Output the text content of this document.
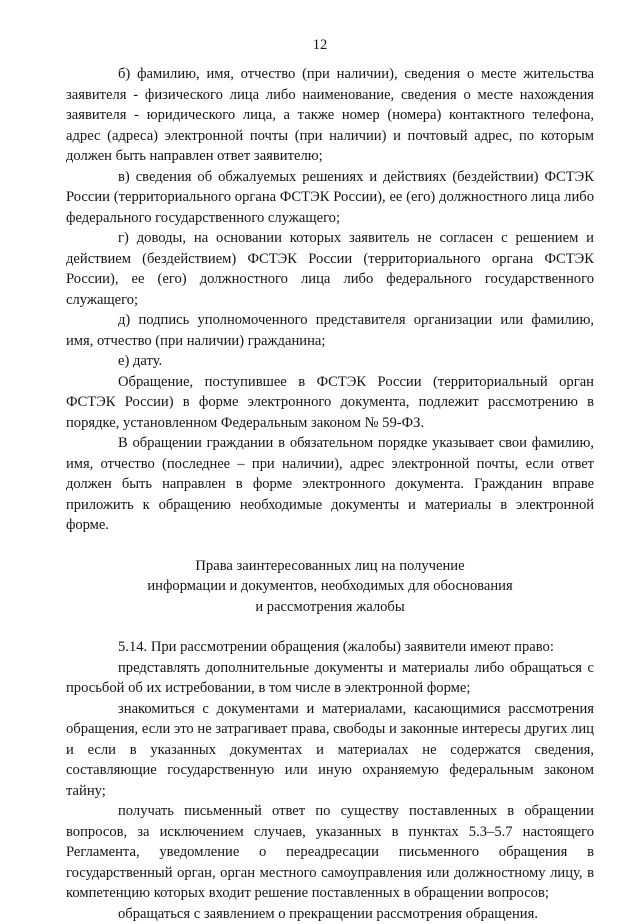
12

б) фамилию, имя, отчество (при наличии), сведения о месте жительства заявителя - физического лица либо наименование, сведения о месте нахождения заявителя - юридического лица, а также номер (номера) контактного телефона, адрес (адреса) электронной почты (при наличии) и почтовый адрес, по которым должен быть направлен ответ заявителю;

в) сведения об обжалуемых решениях и действиях (бездействии) ФСТЭК России (территориального органа ФСТЭК России), ее (его) должностного лица либо федерального государственного служащего;

г) доводы, на основании которых заявитель не согласен с решением и действием (бездействием) ФСТЭК России (территориального органа ФСТЭК России), ее (его) должностного лица либо федерального государственного служащего;

д) подпись уполномоченного представителя организации или фамилию, имя, отчество (при наличии) гражданина;

е) дату.

Обращение, поступившее в ФСТЭК России (территориальный орган ФСТЭК России) в форме электронного документа, подлежит рассмотрению в порядке, установленном Федеральным законом № 59-ФЗ.

В обращении граждании в обязательном порядке указывает свои фамилию, имя, отчество (последнее – при наличии), адрес электронной почты, если ответ должен быть направлен в форме электронного документа. Гражданин вправе приложить к обращению необходимые документы и материалы в электронной форме.

Права заинтересованных лиц на получение
информации и документов, необходимых для обоснования
и рассмотрения жалобы

5.14. При рассмотрении обращения (жалобы) заявители имеют право:

представлять дополнительные документы и материалы либо обращаться с просьбой об их истребовании, в том числе в электронной форме;

знакомиться с документами и материалами, касающимися рассмотрения обращения, если это не затрагивает права, свободы и законные интересы других лиц и если в указанных документах и материалах не содержатся сведения, составляющие государственную или иную охраняемую федеральным законом тайну;

получать письменный ответ по существу поставленных в обращении вопросов, за исключением случаев, указанных в пунктах 5.3–5.7 настоящего Регламента, уведомление о переадресации письменного обращения в государственный орган, орган местного самоуправления или должностному лицу, в компетенцию которых входит решение поставленных в обращении вопросов;

обращаться с заявлением о прекращении рассмотрения обращения.
